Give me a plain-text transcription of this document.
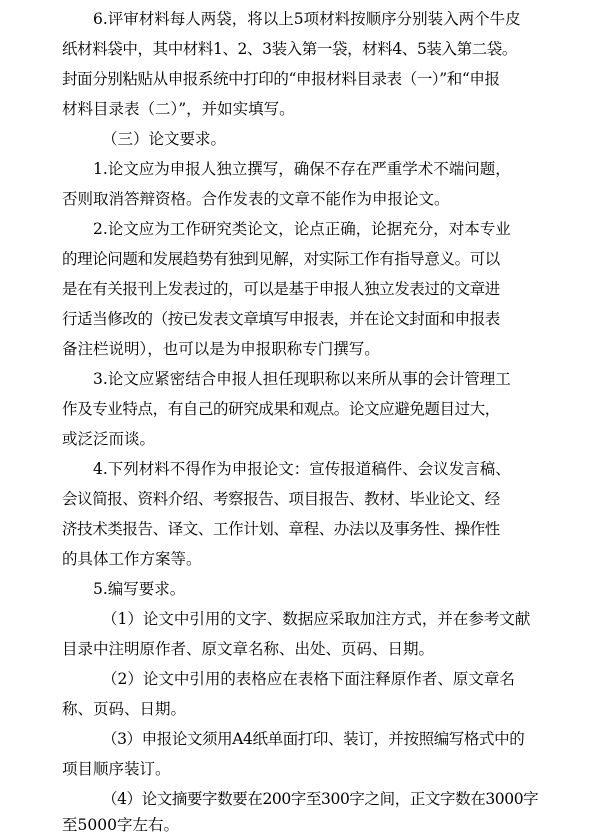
6.评审材料每人两袋，将以上5项材料按顺序分别装入两个牛皮

纸材料袋中，其中材料1、2、3装入第一袋，材料4、5装入第二袋。

封面分别粘贴从申报系统中打印的“申报材料目录表（一）”和“申报

材料目录表（二）”，并如实填写。

（三）论文要求。

1.论文应为申报人独立撰写，确保不存在严重学术不端问题，

否则取消答辩资格。合作发表的文章不能作为申报论文。

2.论文应为工作研究类论文，论点正确，论据充分，对本专业

的理论问题和发展趋势有独到见解，对实际工作有指导意义。可以

是在有关报刊上发表过的，可以是基于申报人独立发表过的文章进

行适当修改的（按已发表文章填写申报表，并在论文封面和申报表

备注栏说明），也可以是为申报职称专门撰写。

3.论文应紧密结合申报人担任现职称以来所从事的会计管理工

作及专业特点，有自己的研究成果和观点。论文应避免题目过大，

或泛泛而谈。

4.下列材料不得作为申报论文：宣传报道稿件、会议发言稿、

会议简报、资料介绍、考察报告、项目报告、教材、毕业论文、经

济技术类报告、译文、工作计划、章程、办法以及事务性、操作性

的具体工作方案等。

5.编写要求。

（1）论文中引用的文字、数据应采取加注方式，并在参考文献

目录中注明原作者、原文章名称、出处、页码、日期。

（2）论文中引用的表格应在表格下面注释原作者、原文章名

称、页码、日期。

（3）申报论文须用A4纸单面打印、装订，并按照编写格式中的

项目顺序装订。

（4）论文摘要字数要在200字至300字之间，正文字数在3000字

至5000字左右。
